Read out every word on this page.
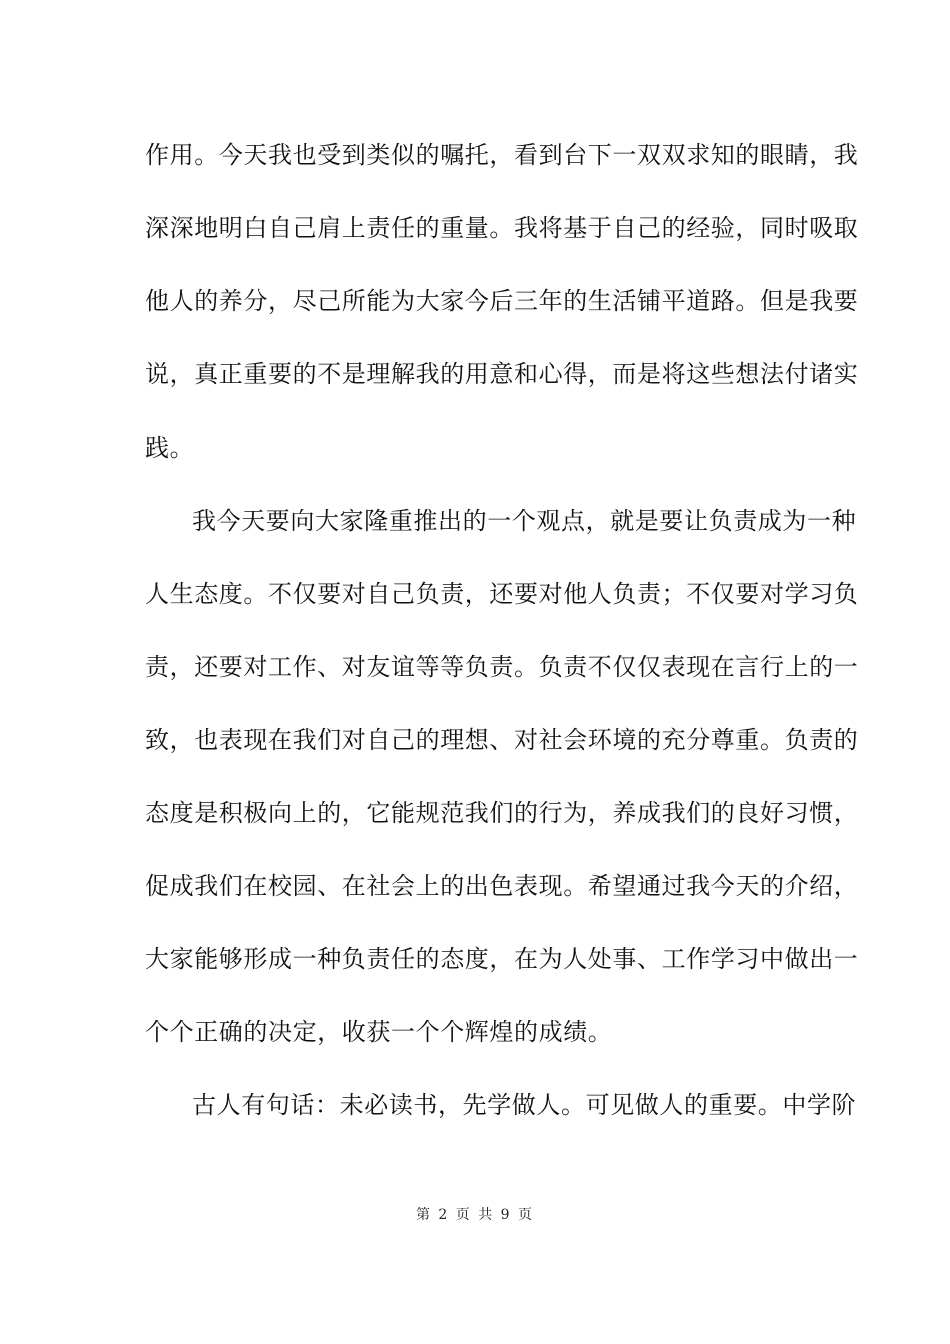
作用。今天我也受到类似的嘱托，看到台下一双双求知的眼睛，我
深深地明白自己肩上责任的重量。我将基于自己的经验，同时吸取
他人的养分，尽己所能为大家今后三年的生活铺平道路。但是我要
说，真正重要的不是理解我的用意和心得，而是将这些想法付诸实
践。
我今天要向大家隆重推出的一个观点，就是要让负责成为一种
人生态度。不仅要对自己负责，还要对他人负责；不仅要对学习负
责，还要对工作、对友谊等等负责。负责不仅仅表现在言行上的一
致，也表现在我们对自己的理想、对社会环境的充分尊重。负责的
态度是积极向上的，它能规范我们的行为，养成我们的良好习惯，
促成我们在校园、在社会上的出色表现。希望通过我今天的介绍，
大家能够形成一种负责任的态度，在为人处事、工作学习中做出一
个个正确的决定，收获一个个辉煌的成绩。
古人有句话：未必读书，先学做人。可见做人的重要。中学阶
第 2 页 共 9 页
